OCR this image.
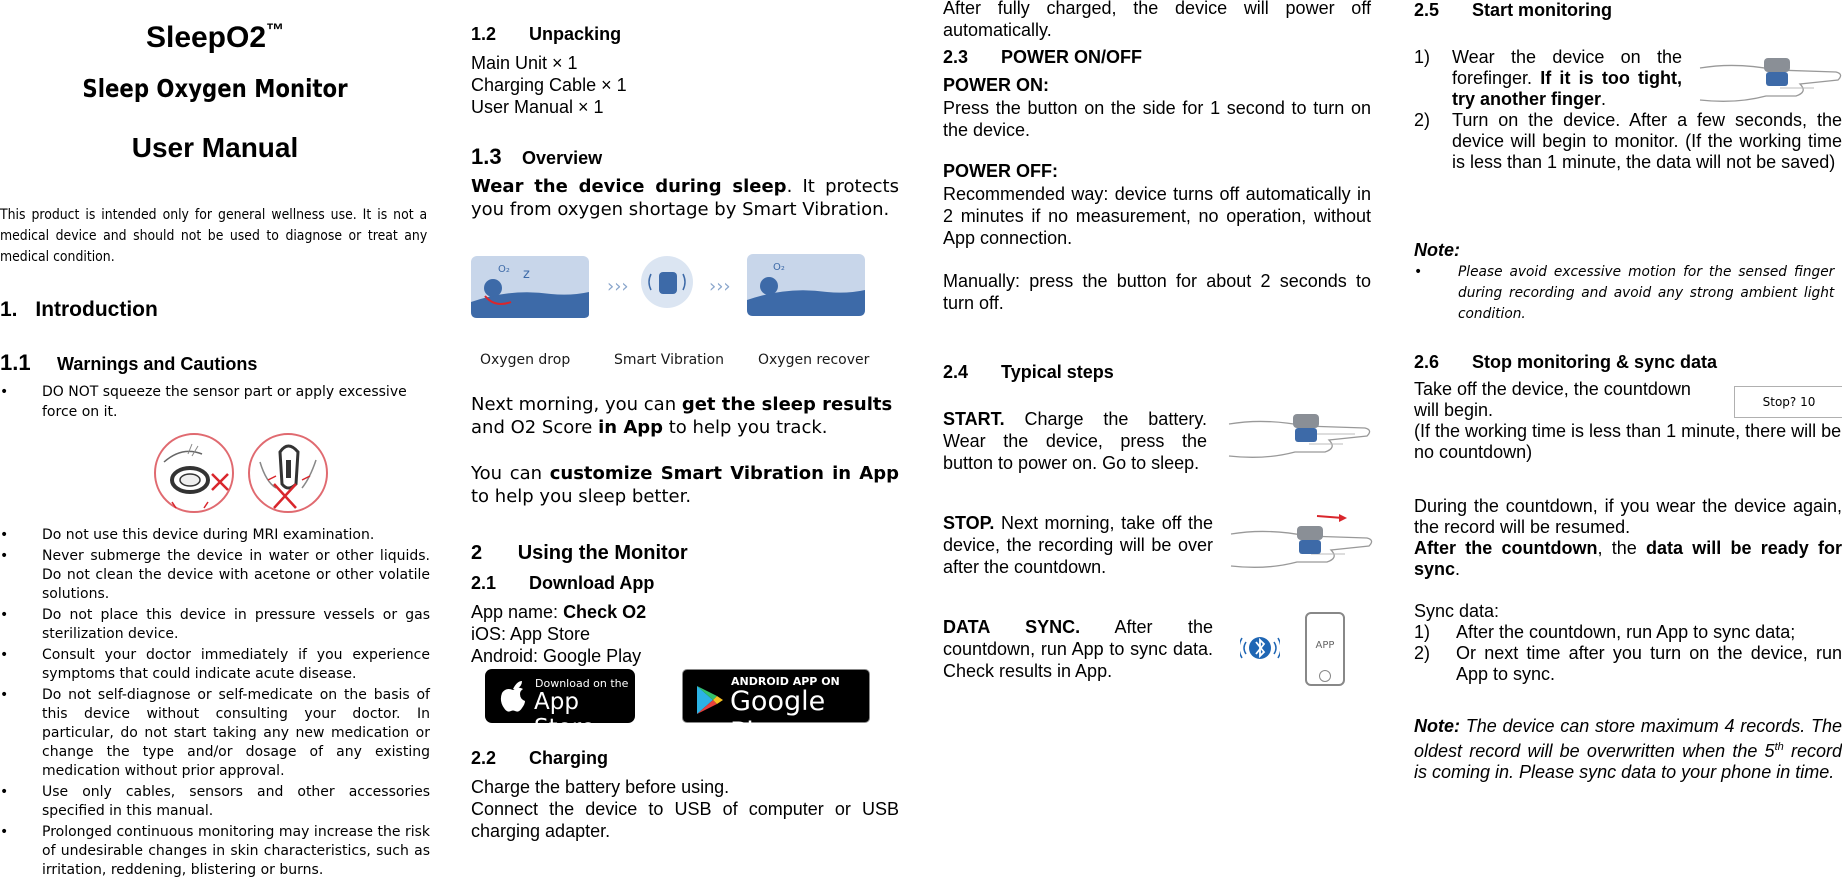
SleepO2™
Sleep Oxygen Monitor
User Manual
This product is intended only for general wellness use. It is not a medical device and should not be used to diagnose or treat any medical condition.
1. Introduction
1.1 Warnings and Cautions
• DO NOT squeeze the sensor part or apply excessive force on it.
• Do not use this device during MRI examination.
• Never submerge the device in water or other liquids. Do not clean the device with acetone or other volatile solutions.
• Do not place this device in pressure vessels or gas sterilization device.
• Consult your doctor immediately if you experience symptoms that could indicate acute disease.
• Do not self-diagnose or self-medicate on the basis of this device without consulting your doctor. In particular, do not start taking any new medication or change the type and/or dosage of any existing medication without prior approval.
• Use only cables, sensors and other accessories specified in this manual.
• Prolonged continuous monitoring may increase the risk of undesirable changes in skin characteristics, such as irritation, reddening, blistering or burns.
1.2 Unpacking
Main Unit × 1
Charging Cable × 1
User Manual × 1
1.3 Overview
Wear the device during sleep. It protects you from oxygen shortage by Smart Vibration.
O₂ z
›››	›››
O₂
Oxygen drop	Smart Vibration Oxygen recover
Next morning, you can get the sleep results and O2 Score in App to help you track.
You can customize Smart Vibration in App to help you sleep better.
2 Using the Monitor
2.1 Download App
App name: Check O2
iOS: App Store
Android: Google Play
Download on the
App Store
ANDROID APP ON
Google Play
2.2 Charging
Charge the battery before using.
Connect the device to USB of computer or USB charging adapter.
After fully charged, the device will power off automatically.
2.3 POWER ON/OFF
POWER ON:
Press the button on the side for 1 second to turn on the device.
POWER OFF:
Recommended way: device turns off automatically in 2 minutes if no measurement, no operation, without App connection.
Manually: press the button for about 2 seconds to turn off.
2.4 Typical steps
START. Charge the battery. Wear the device, press the button to power on. Go to sleep.
STOP. Next morning, take off the device, the recording will be over after the countdown.
DATA SYNC. After the countdown, run App to sync data. Check results in App.
APP
2.5 Start monitoring
1) Wear the device on the forefinger. If it is too tight, try another finger.
2) Turn on the device. After a few seconds, the device will begin to monitor. (If the working time is less than 1 minute, the data will not be saved)
Note:
•	Please avoid excessive motion for the sensed finger during recording and avoid any strong ambient light condition.
2.6 Stop monitoring & sync data
Take off the device, the countdown will begin.	Stop? 10
(If the working time is less than 1 minute, there will be no countdown)
During the countdown, if you wear the device again, the record will be resumed.
After the countdown, the data will be ready for sync.
Sync data:
1) After the countdown, run App to sync data;
2) Or next time after you turn on the device, run App to sync.
Note: The device can store maximum 4 records. The oldest record will be overwritten when the 5th record is coming in. Please sync data to your phone in time.
